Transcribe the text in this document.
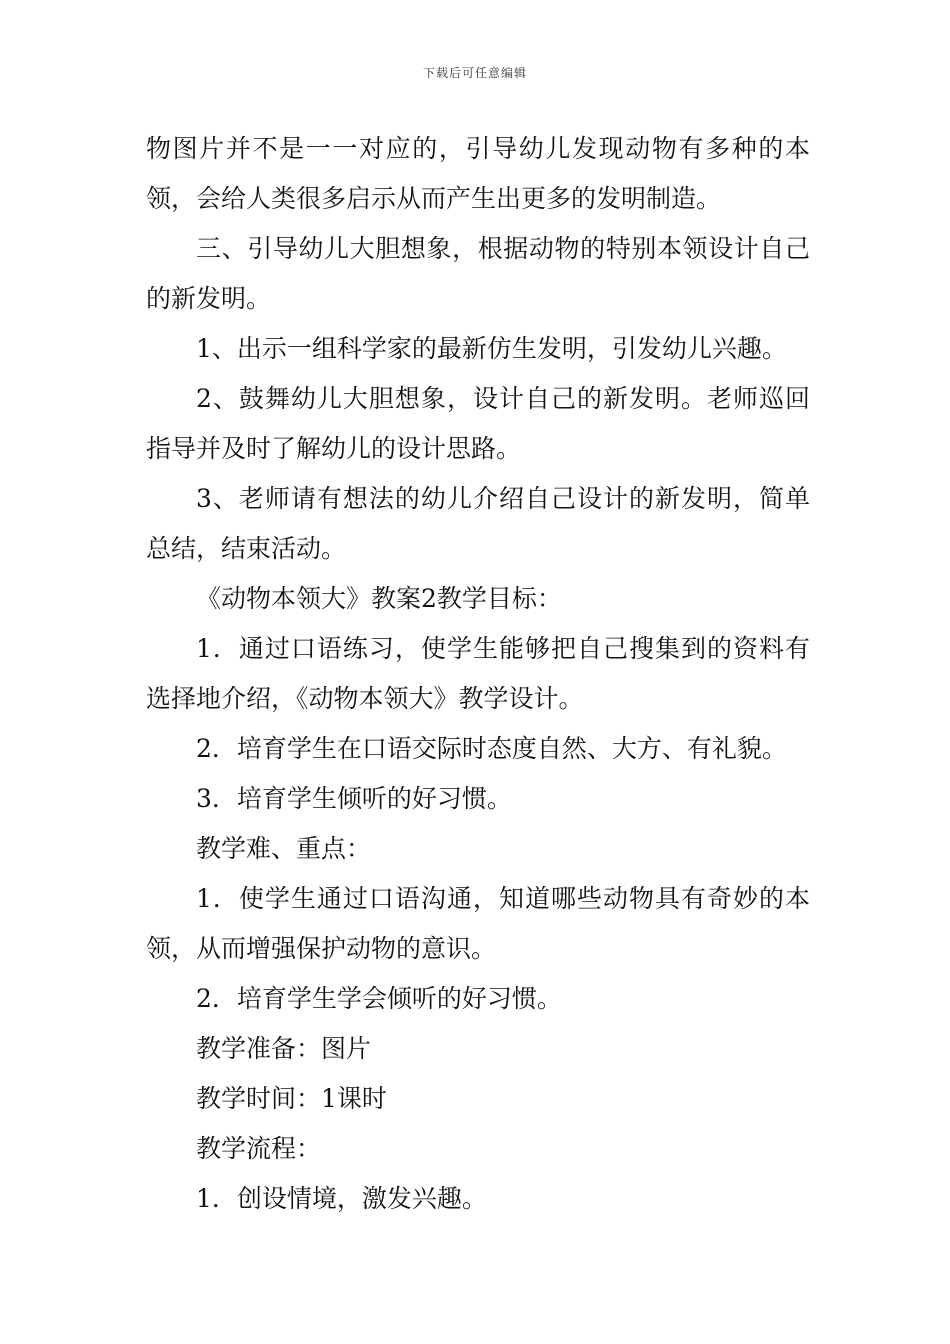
下载后可任意编辑

物图片并不是一一对应的，引导幼儿发现动物有多种的本领，会给人类很多启示从而产生出更多的发明制造。

三、引导幼儿大胆想象，根据动物的特别本领设计自己的新发明。

1、出示一组科学家的最新仿生发明，引发幼儿兴趣。

2、鼓舞幼儿大胆想象，设计自己的新发明。老师巡回指导并及时了解幼儿的设计思路。

3、老师请有想法的幼儿介绍自己设计的新发明，简单总结，结束活动。

《动物本领大》教案2教学目标：

1．通过口语练习，使学生能够把自己搜集到的资料有选择地介绍，《动物本领大》教学设计。

2．培育学生在口语交际时态度自然、大方、有礼貌。

3．培育学生倾听的好习惯。

教学难、重点：

1．使学生通过口语沟通，知道哪些动物具有奇妙的本领，从而增强保护动物的意识。

2．培育学生学会倾听的好习惯。

教学准备：图片

教学时间：1课时

教学流程：

1．创设情境，激发兴趣。
